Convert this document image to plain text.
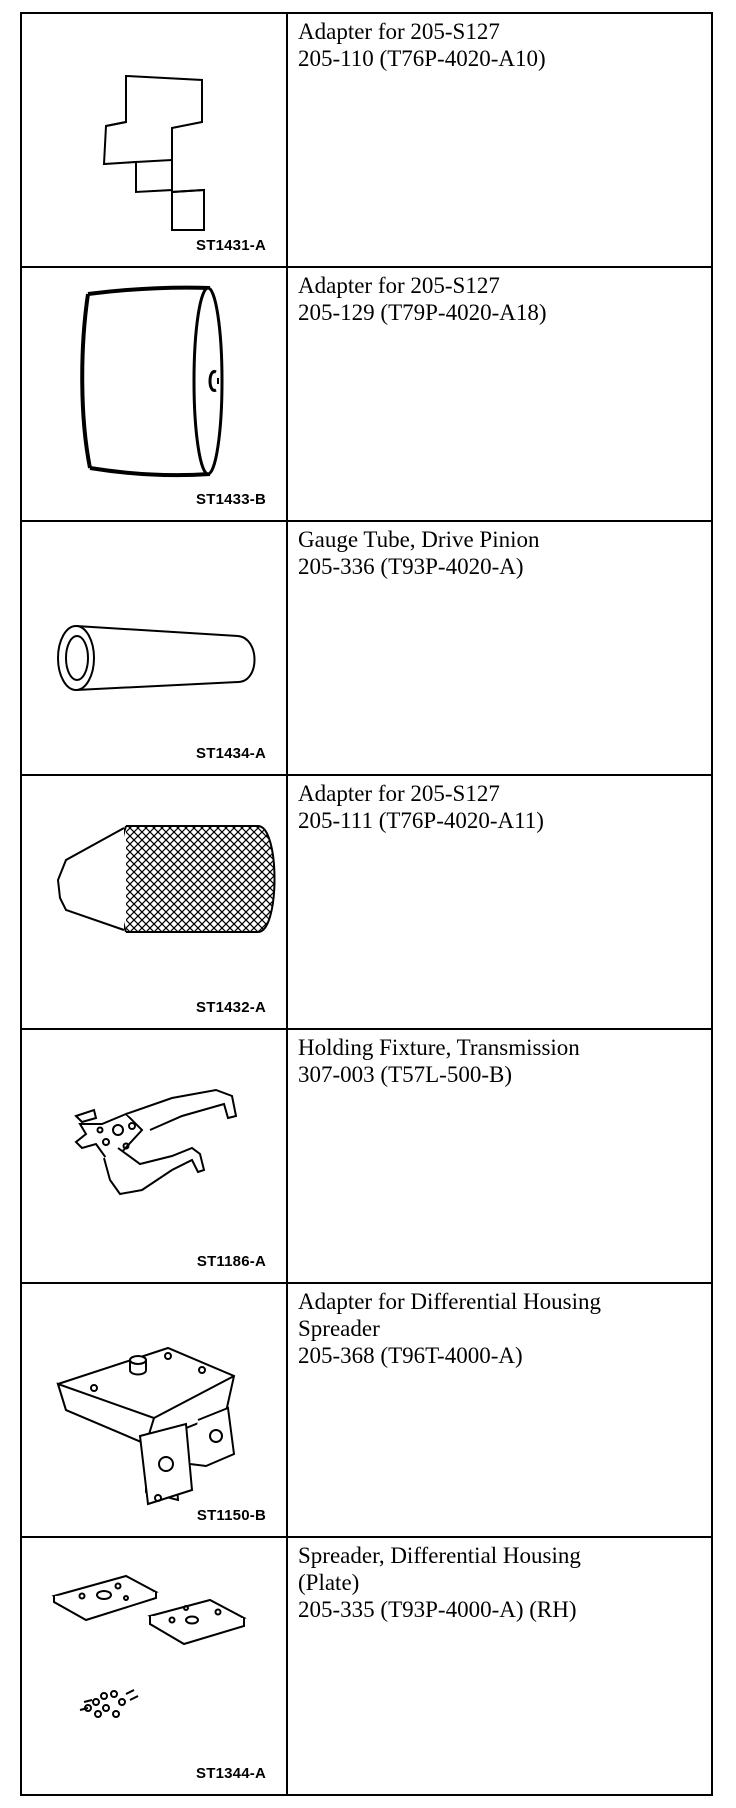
ST1431-A
Adapter for 205-S127
205-110 (T76P-4020-A10)
ST1433-B
Adapter for 205-S127
205-129 (T79P-4020-A18)
ST1434-A
Gauge Tube, Drive Pinion
205-336 (T93P-4020-A)
ST1432-A
Adapter for 205-S127
205-111 (T76P-4020-A11)
ST1186-A
Holding Fixture, Transmission
307-003 (T57L-500-B)
ST1150-B
Adapter for Differential Housing
Spreader
205-368 (T96T-4000-A)
ST1344-A
Spreader, Differential Housing
(Plate)
205-335 (T93P-4000-A) (RH)
